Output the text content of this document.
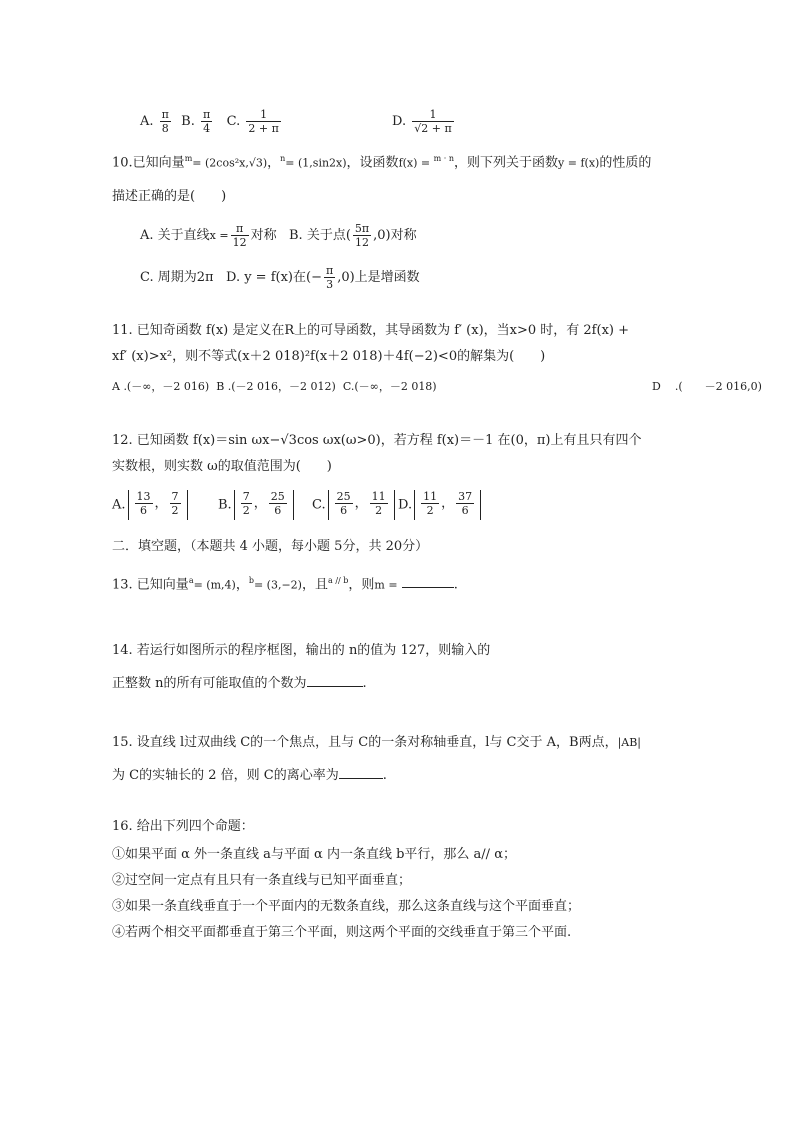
A. $\frac{\pi}{8} B$. $\frac{\pi}{4} C$. $\frac{1}{2 + \pi}$	D. $\frac{1}{√2 + \pi}$
10.已知向量$^m$= (2cos²x,√3)，$^n$= (1,sin2x)，设函数f(x) = $^{m \cdot n}$，则下列关于函数y = f(x)的性质的
描述正确的是(　　)
A. 关于直线$x = \frac{\pi}{12}$ 对称 B. 关于点( $\frac{5\pi}{12} ,0$)对称
C. 周期为2π D. y = f(x)在(− $\frac{\pi}{3} ,0$)上是增函数
11. 已知奇函数 f(x) 是定义在R上的可导函数，其导函数为 f′ (x)，当x>0 时，有 2f(x) +
xf′ (x)>x²，则不等式(x＋2 018)²f(x＋2 018)＋4f(−2)<0的解集为(　　)
A .(－∞，－2 016) B .(－2 016，－2 012) C.(－∞，－2 018)	D .(　　－2 016,0)
12. 已知函数 f(x)＝sin ωx−√3cos ωx(ω>0)，若方程 f(x)＝－1 在(0，π)上有且只有四个
实数根，则实数 ω的取值范围为(　　)
A. $\frac{13}{6}$ ， $\frac{7}{2}$	B. $\frac{7}{2}$ ， $\frac{25}{6} C$. $\frac{25}{6}$ ， $\frac{11}{2} D$. $\frac{11}{2}$ ， $\frac{37}{6}$
二．填空题，（本题共 4 小题，每小题 5分，共 20分）
13. 已知向量$^a$= (m,4)，$^b$= (3,−2)，且$^{a // b}$，则m =	.
14. 若运行如图所示的程序框图，输出的 n的值为 127，则输入的
正整数 n的所有可能取值的个数为	.
15. 设直线 l过双曲线 C的一个焦点，且与 C的一条对称轴垂直，l与 C交于 A，B两点，|AB|
为 C的实轴长的 2 倍，则 C的离心率为	.
16. 给出下列四个命题：
①如果平面 α 外一条直线 a与平面 α 内一条直线 b平行，那么 a// α；
②过空间一定点有且只有一条直线与已知平面垂直；
③如果一条直线垂直于一个平面内的无数条直线，那么这条直线与这个平面垂直；
④若两个相交平面都垂直于第三个平面，则这两个平面的交线垂直于第三个平面.
